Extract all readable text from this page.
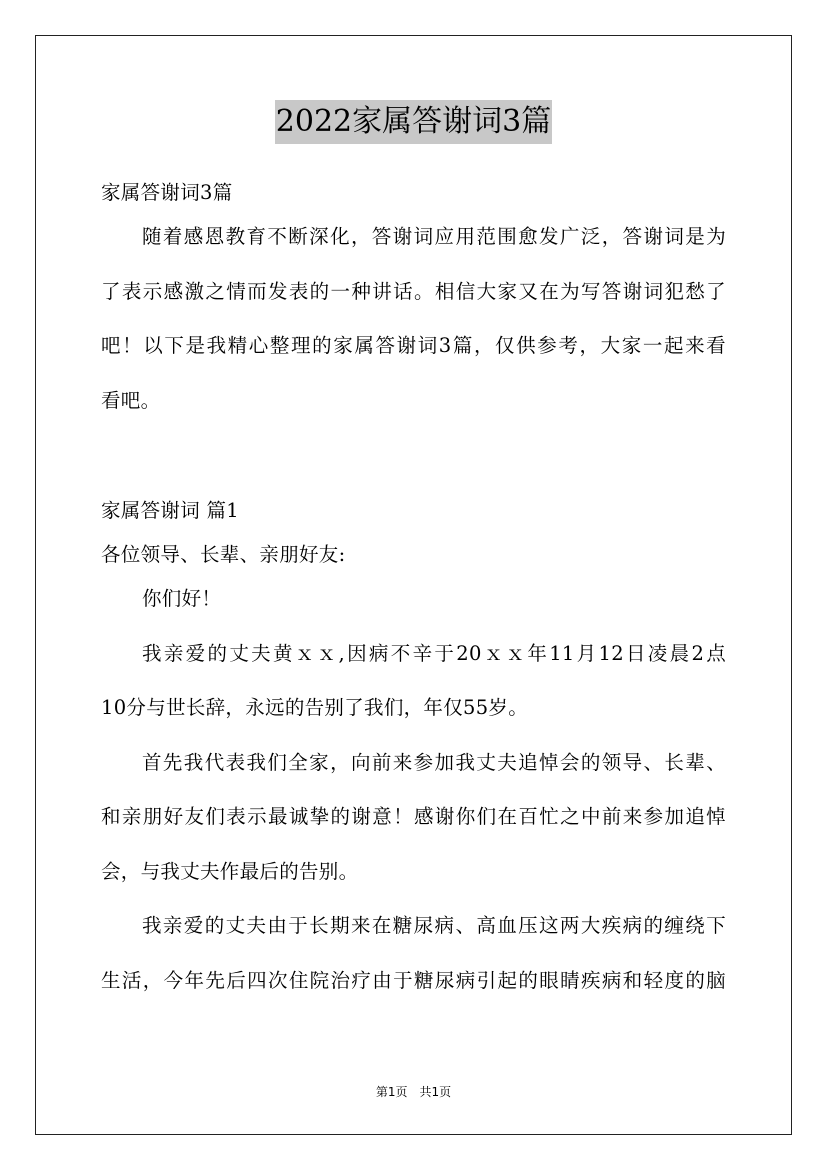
2022家属答谢词3篇
家属答谢词3篇
随着感恩教育不断深化，答谢词应用范围愈发广泛，答谢词是为
了表示感激之情而发表的一种讲话。相信大家又在为写答谢词犯愁了
吧！以下是我精心整理的家属答谢词3篇，仅供参考，大家一起来看
看吧。
家属答谢词 篇1
各位领导、长辈、亲朋好友:
你们好！
我亲爱的丈夫黄ｘｘ,因病不辛于20ｘｘ年11月12日凌晨2点
10分与世长辞，永远的告别了我们，年仅55岁。
首先我代表我们全家，向前来参加我丈夫追悼会的领导、长辈、
和亲朋好友们表示最诚挚的谢意！感谢你们在百忙之中前来参加追悼
会，与我丈夫作最后的告别。
我亲爱的丈夫由于长期来在糖尿病、高血压这两大疾病的缠绕下
生活，今年先后四次住院治疗由于糖尿病引起的眼睛疾病和轻度的脑
第1页　共1页
